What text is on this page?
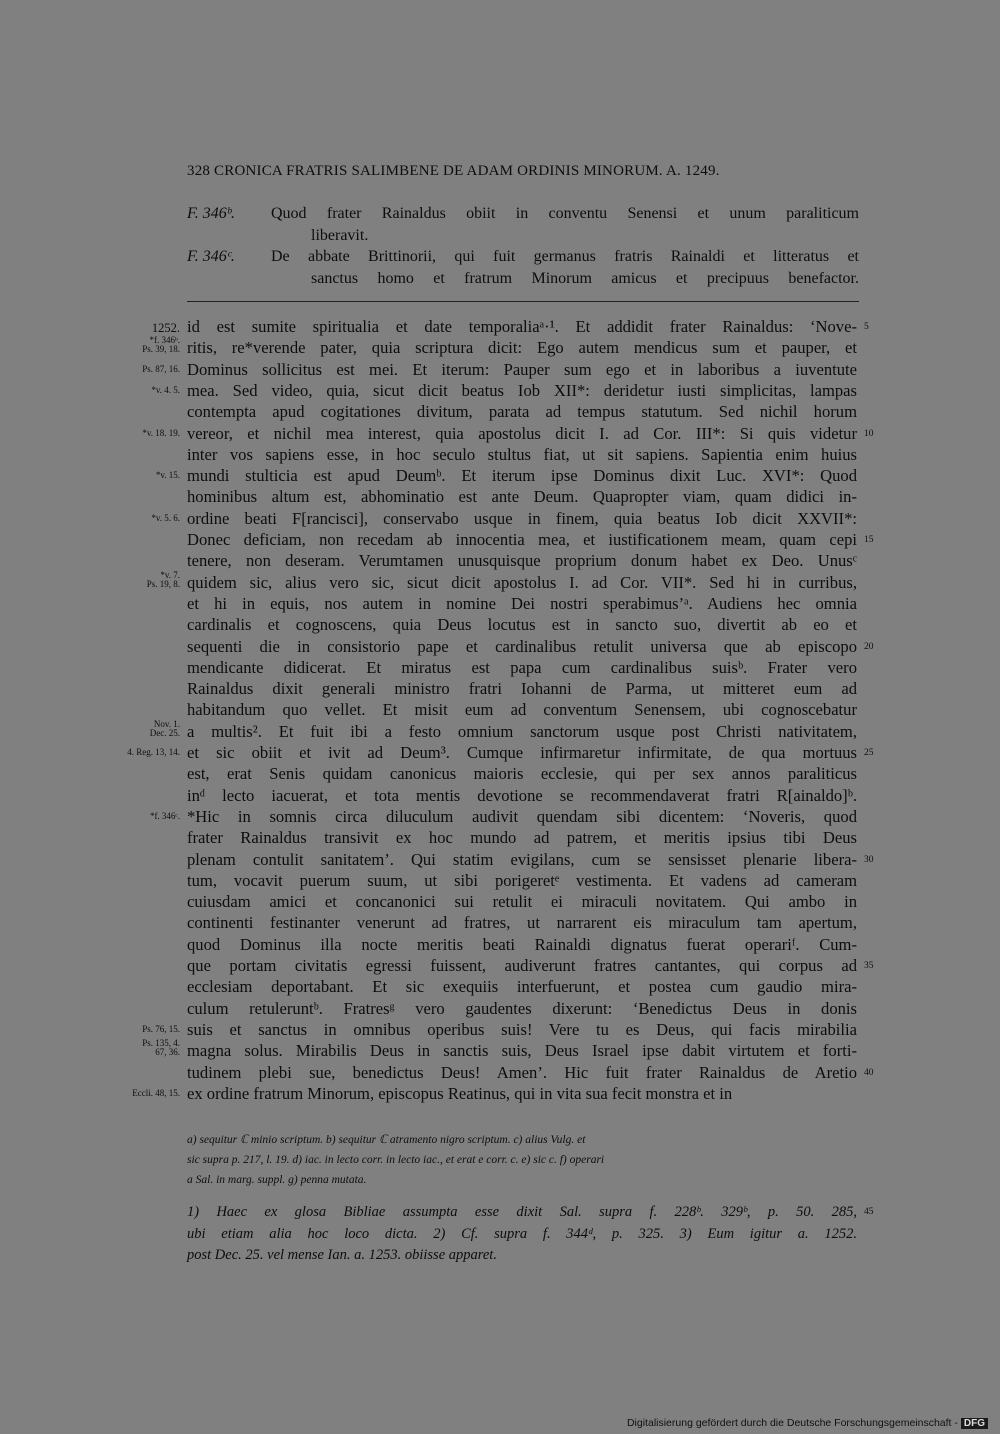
328 CRONICA FRATRIS SALIMBENE DE ADAM ORDINIS MINORUM. A. 1249.
F. 346ᵇ. Quod frater Rainaldus obiit in conventu Senensi et unum paraliticum
liberavit.
F. 346ᶜ. De abbate Brittinorii, qui fuit germanus fratris Rainaldi et litteratus et
sanctus homo et fratrum Minorum amicus et precipuus benefactor.
id est sumite spiritualia et date temporaliaᵃ·¹. Et addidit frater Rainaldus: ‘Nove-
ritis, re*verende pater, quia scriptura dicit: Ego autem mendicus sum et pauper, et
Dominus sollicitus est mei. Et iterum: Pauper sum ego et in laboribus a iuventute
mea. Sed video, quia, sicut dicit beatus Iob XII*: deridetur iusti simplicitas, lampas
contempta apud cogitationes divitum, parata ad tempus statutum. Sed nichil horum
vereor, et nichil mea interest, quia apostolus dicit I. ad Cor. III*: Si quis videtur
inter vos sapiens esse, in hoc seculo stultus fiat, ut sit sapiens. Sapientia enim huius
mundi stulticia est apud Deumᵇ. Et iterum ipse Dominus dixit Luc. XVI*: Quod
hominibus altum est, abhominatio est ante Deum. Quapropter viam, quam didici in-
ordine beati F[rancisci], conservabo usque in finem, quia beatus Iob dicit XXVII*:
Donec deficiam, non recedam ab innocentia mea, et iustificationem meam, quam cepi
tenere, non deseram. Verumtamen unusquisque proprium donum habet ex Deo. Unusᶜ
quidem sic, alius vero sic, sicut dicit apostolus I. ad Cor. VII*. Sed hi in curribus,
et hi in equis, nos autem in nomine Dei nostri sperabimus’ᵃ. Audiens hec omnia
cardinalis et cognoscens, quia Deus locutus est in sancto suo, divertit ab eo et
sequenti die in consistorio pape et cardinalibus retulit universa que ab episcopo
mendicante didicerat. Et miratus est papa cum cardinalibus suisᵇ. Frater vero
Rainaldus dixit generali ministro fratri Iohanni de Parma, ut mitteret eum ad
habitandum quo vellet. Et misit eum ad conventum Senensem, ubi cognoscebatur
a multis². Et fuit ibi a festo omnium sanctorum usque post Christi nativitatem,
et sic obiit et ivit ad Deum³. Cumque infirmaretur infirmitate, de qua mortuus
est, erat Senis quidam canonicus maioris ecclesie, qui per sex annos paraliticus
inᵈ lecto iacuerat, et tota mentis devotione se recommendaverat fratri R[ainaldo]ᵇ.
*Hic in somnis circa diluculum audivit quendam sibi dicentem: ‘Noveris, quod
frater Rainaldus transivit ex hoc mundo ad patrem, et meritis ipsius tibi Deus
plenam contulit sanitatem’. Qui statim evigilans, cum se sensisset plenarie libera-
tum, vocavit puerum suum, ut sibi porigeretᵉ vestimenta. Et vadens ad cameram
cuiusdam amici et concanonici sui retulit ei miraculi novitatem. Qui ambo in
continenti festinanter venerunt ad fratres, ut narrarent eis miraculum tam apertum,
quod Dominus illa nocte meritis beati Rainaldi dignatus fuerat operariᶠ. Cum-
que portam civitatis egressi fuissent, audiverunt fratres cantantes, qui corpus ad
ecclesiam deportabant. Et sic exequiis interfuerunt, et postea cum gaudio mira-
culum retuleruntᵇ. Fratresᵍ vero gaudentes dixerunt: ‘Benedictus Deus in donis
suis et sanctus in omnibus operibus suis! Vere tu es Deus, qui facis mirabilia
magna solus. Mirabilis Deus in sanctis suis, Deus Israel ipse dabit virtutem et forti-
tudinem plebi sue, benedictus Deus! Amen’. Hic fuit frater Rainaldus de Aretio
ex ordine fratrum Minorum, episcopus Reatinus, qui in vita sua fecit monstra et in
1252.
*f. 346ᵇ.
Ps. 39, 18.
Ps. 87, 16.
*v. 4. 5.
*v. 18. 19.
*v. 15.
*v. 5. 6.
*v. 7.
Ps. 19, 8.
Nov. 1.
Dec. 25.
4. Reg. 13, 14.
*f. 346ᶜ.
Ps. 76, 15.
Ps. 135, 4.
67, 36.
Eccli. 48, 15.
5
10
15
20
25
30
35
40
a) sequitur ℂ minio scriptum. b) sequitur ℂ atramento nigro scriptum. c) alius Vulg. et
sic supra p. 217, l. 19. d) iac. in lecto corr. in lecto iac., et erat e corr. c. e) sic c. f) operari
a Sal. in marg. suppl. g) penna mutata.
1) Haec ex glosa Bibliae assumpta esse dixit Sal. supra f. 228ᵇ. 329ᵇ, p. 50. 285,
ubi etiam alia hoc loco dicta. 2) Cf. supra f. 344ᵈ, p. 325. 3) Eum igitur a. 1252.
post Dec. 25. vel mense Ian. a. 1253. obiisse apparet.
45
Digitalisierung gefördert durch die Deutsche Forschungsgemeinschaft - DFG
